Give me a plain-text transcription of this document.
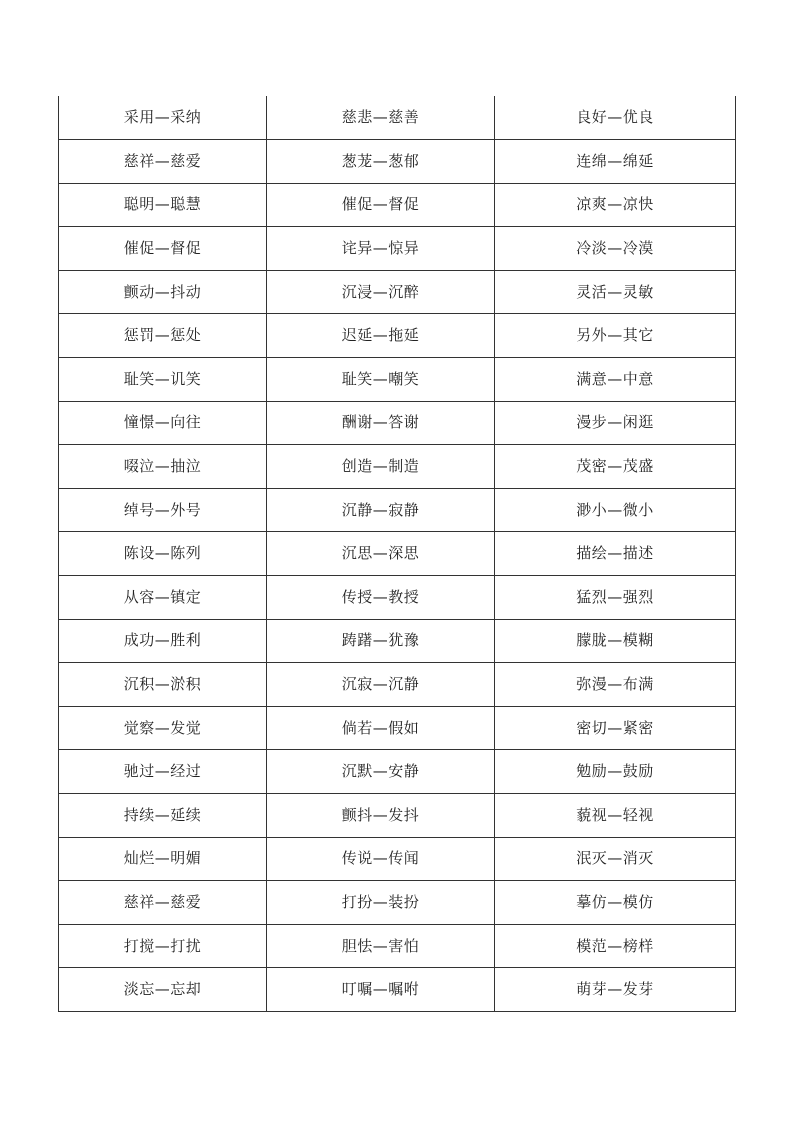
采用—采纳	慈悲—慈善	良好—优良
慈祥—慈爱	葱茏—葱郁	连绵—绵延
聪明—聪慧	催促—督促	凉爽—凉快
催促—督促	诧异—惊异	冷淡—冷漠
颤动—抖动	沉浸—沉醉	灵活—灵敏
惩罚—惩处	迟延—拖延	另外—其它
耻笑—讥笑	耻笑—嘲笑	满意—中意
憧憬—向往	酬谢—答谢	漫步—闲逛
啜泣—抽泣	创造—制造	茂密—茂盛
绰号—外号	沉静—寂静	渺小—微小
陈设—陈列	沉思—深思	描绘—描述
从容—镇定	传授—教授	猛烈—强烈
成功—胜利	踌躇—犹豫	朦胧—模糊
沉积—淤积	沉寂—沉静	弥漫—布满
觉察—发觉	倘若—假如	密切—紧密
驰过—经过	沉默—安静	勉励—鼓励
持续—延续	颤抖—发抖	藐视—轻视
灿烂—明媚	传说—传闻	泯灭—消灭
慈祥—慈爱	打扮—装扮	摹仿—模仿
打搅—打扰	胆怯—害怕	模范—榜样
淡忘—忘却	叮嘱—嘱咐	萌芽—发芽
